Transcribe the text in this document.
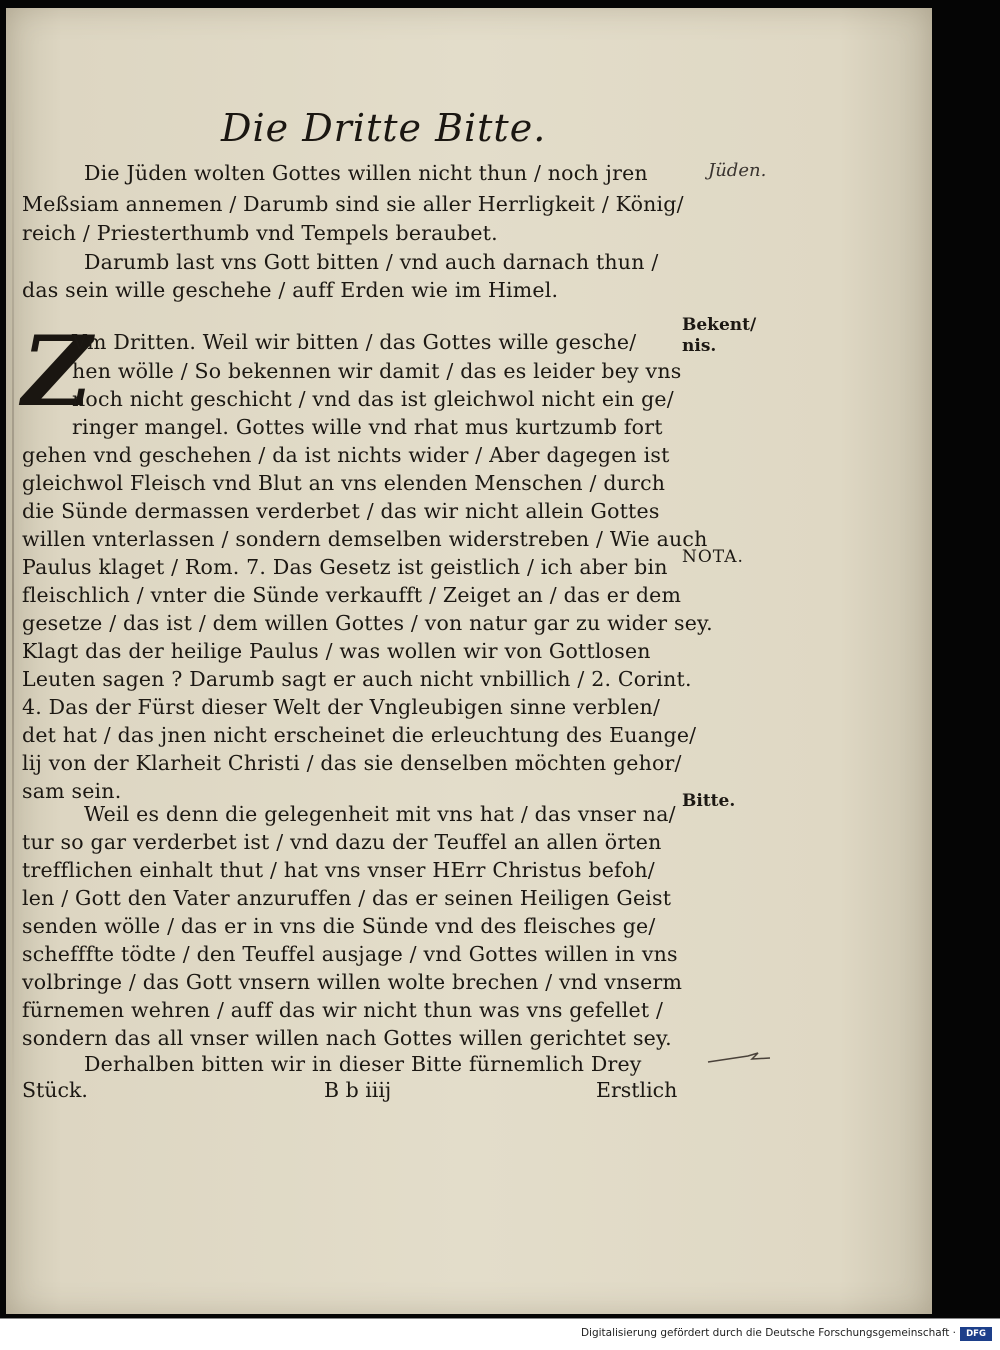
Die Dritte Bitte.
Die Jüden wolten Gottes willen nicht thun / noch jren
Meßsiam annemen / Darumb sind sie aller Herrligkeit / König/
reich / Priesterthumb vnd Tempels beraubet.
Darumb last vns Gott bitten / vnd auch darnach thun /
das sein wille geschehe / auff Erden wie im Himel.
Jüden.
Z
Vm Dritten. Weil wir bitten / das Gottes wille gesche/
hen wölle / So bekennen wir damit / das es leider bey vns
noch nicht geschicht / vnd das ist gleichwol nicht ein ge/
ringer mangel. Gottes wille vnd rhat mus kurtzumb fort
gehen vnd geschehen / da ist nichts wider / Aber dagegen ist
gleichwol Fleisch vnd Blut an vns elenden Menschen / durch
die Sünde dermassen verderbet / das wir nicht allein Gottes
willen vnterlassen / sondern demselben widerstreben / Wie auch
Paulus klaget / Rom. 7. Das Gesetz ist geistlich / ich aber bin
fleischlich / vnter die Sünde verkaufft / Zeiget an / das er dem
gesetze / das ist / dem willen Gottes / von natur gar zu wider sey.
Klagt das der heilige Paulus / was wollen wir von Gottlosen
Leuten sagen ? Darumb sagt er auch nicht vnbillich / 2. Corint.
4. Das der Fürst dieser Welt der Vngleubigen sinne verblen/
det hat / das jnen nicht erscheinet die erleuchtung des Euange/
lij von der Klarheit Christi / das sie denselben möchten gehor/
sam sein.
Bekent/
nis.
NOTA.
Bitte.
Weil es denn die gelegenheit mit vns hat / das vnser na/
tur so gar verderbet ist / vnd dazu der Teuffel an allen örten
trefflichen einhalt thut / hat vns vnser HErr Christus befoh/
len / Gott den Vater anzuruffen / das er seinen Heiligen Geist
senden wölle / das er in vns die Sünde vnd des fleisches ge/
schefffte tödte / den Teuffel ausjage / vnd Gottes willen in vns
volbringe / das Gott vnsern willen wolte brechen / vnd vnserm
fürnemen wehren / auff das wir nicht thun was vns gefellet /
sondern das all vnser willen nach Gottes willen gerichtet sey.
Derhalben bitten wir in dieser Bitte fürnemlich Drey
Stück.	B b iiij	Erstlich
Digitalisierung gefördert durch die Deutsche Forschungsgemeinschaft ·	DFG
